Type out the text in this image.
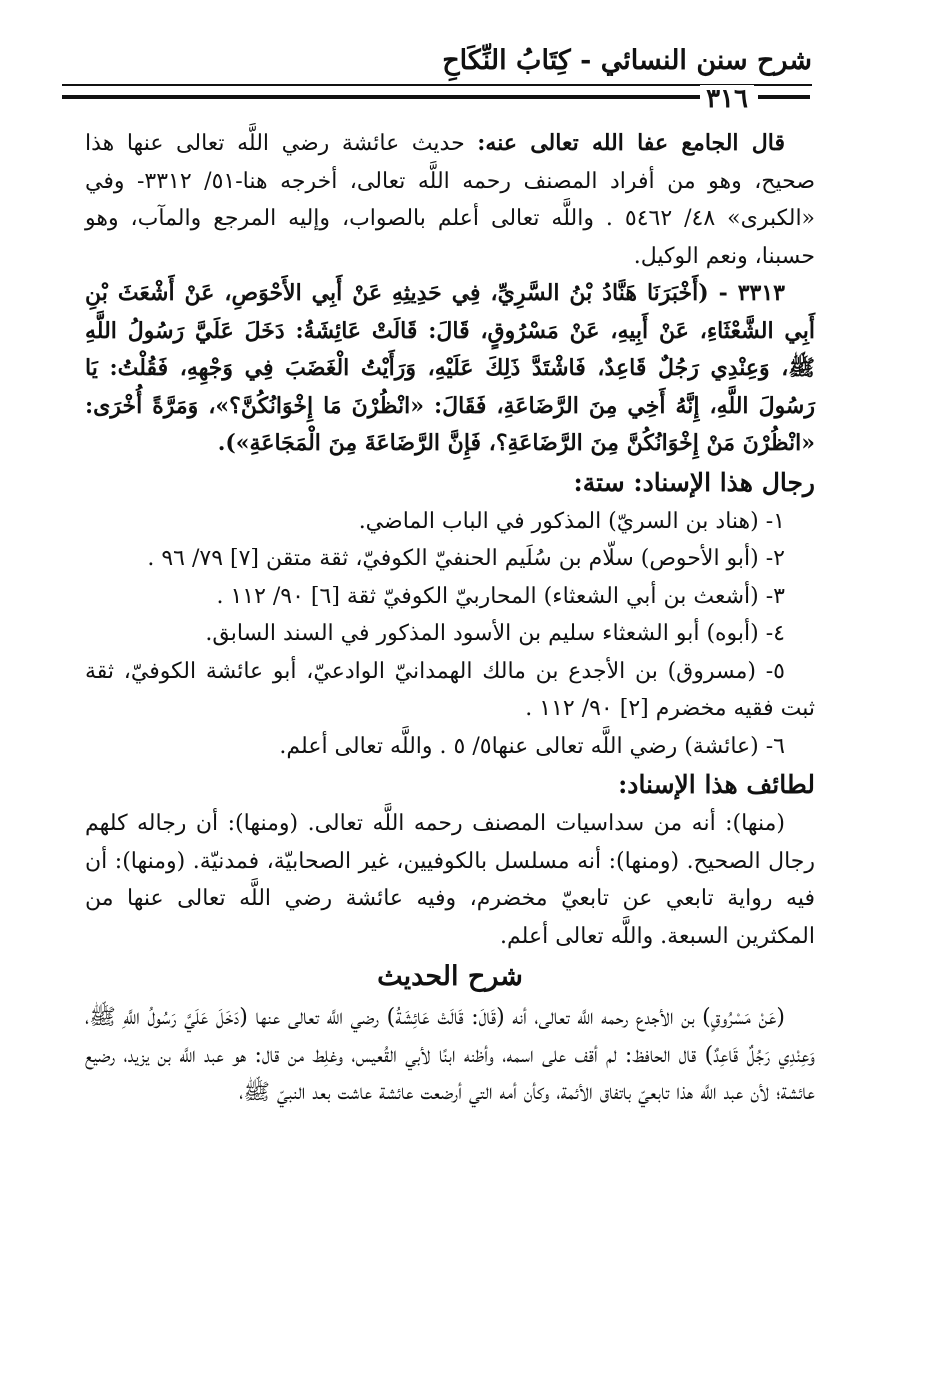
شرح سنن النسائي - كِتَابُ النِّكَاحِ
٣١٦

قال الجامع عفا الله تعالى عنه: حديث عائشة رضي اللَّه تعالى عنها هذا صحيح، وهو من أفراد المصنف رحمه اللَّه تعالى، أخرجه هنا-٥١/ ٣٣١٢- وفي «الكبرى» ٤٨/ ٥٤٦٢ . واللَّه تعالى أعلم بالصواب، وإليه المرجع والمآب، وهو حسبنا، ونعم الوكيل.

٣٣١٣ - (أَخْبَرَنَا هَنَّادُ بْنُ السَّرِيِّ، فِي حَدِيثِهِ عَنْ أَبِي الأَحْوَصِ، عَنْ أَشْعَثَ بْنِ أَبِي الشَّعْثَاءِ، عَنْ أَبِيهِ، عَنْ مَسْرُوقٍ، قَالَ: قَالَتْ عَائِشَةُ: دَخَلَ عَلَيَّ رَسُولُ اللَّهِ ﷺ، وَعِنْدِي رَجُلٌ قَاعِدٌ، فَاشْتَدَّ ذَلِكَ عَلَيْهِ، وَرَأَيْتُ الْغَضَبَ فِي وَجْهِهِ، فَقُلْتُ: يَا رَسُولَ اللَّهِ، إِنَّهُ أَخِي مِنَ الرَّضَاعَةِ، فَقَالَ: «انْظُرْنَ مَا إِخْوَانُكُنَّ؟»، وَمَرَّةً أُخْرَى: «انْظُرْنَ مَنْ إِخْوَانُكُنَّ مِنَ الرَّضَاعَةِ؟، فَإِنَّ الرَّضَاعَةَ مِنَ الْمَجَاعَةِ»).

رجال هذا الإسناد: ستة:

١- (هناد بن السريّ) المذكور في الباب الماضي.

٢- (أبو الأحوص) سلّام بن سُلَيم الحنفيّ الكوفيّ، ثقة متقن [٧] ٧٩/ ٩٦ .

٣- (أشعث بن أبي الشعثاء) المحاربيّ الكوفيّ ثقة [٦] ٩٠/ ١١٢ .

٤- (أبوه) أبو الشعثاء سليم بن الأسود المذكور في السند السابق.

٥- (مسروق) بن الأجدع بن مالك الهمدانيّ الوادعيّ، أبو عائشة الكوفيّ، ثقة ثبت فقيه مخضرم [٢] ٩٠/ ١١٢ .

٦- (عائشة) رضي اللَّه تعالى عنها٥/ ٥ . واللَّه تعالى أعلم.

لطائف هذا الإسناد:

(منها): أنه من سداسيات المصنف رحمه اللَّه تعالى. (ومنها): أن رجاله كلهم رجال الصحيح. (ومنها): أنه مسلسل بالكوفيين، غير الصحابيّة، فمدنيّة. (ومنها): أن فيه رواية تابعي عن تابعيّ مخضرم، وفيه عائشة رضي اللَّه تعالى عنها من المكثرين السبعة. واللَّه تعالى أعلم.

شرح الحديث

(عَنْ مَسْرُوقٍ) بن الأجدع رحمه اللَّه تعالى، أنه (قَالَ: قَالَتْ عَائِشَةُ) رضي اللَّه تعالى عنها (دَخَلَ عَلَيَّ رَسُولُ اللَّهِ ﷺ، وَعِنْدِي رَجُلٌ قَاعِدٌ) قال الحافظ: لم أقف على اسمه، وأظنه ابنًا لأبي القُعيس، وغلِط من قال: هو عبد اللَّه بن يزيد، رضيع عائشة؛ لأن عبد اللَّه هذا تابعيّ باتفاق الأئمة، وكأن أمه التي أرضعت عائشة عاشت بعد النبيّ ﷺ،
